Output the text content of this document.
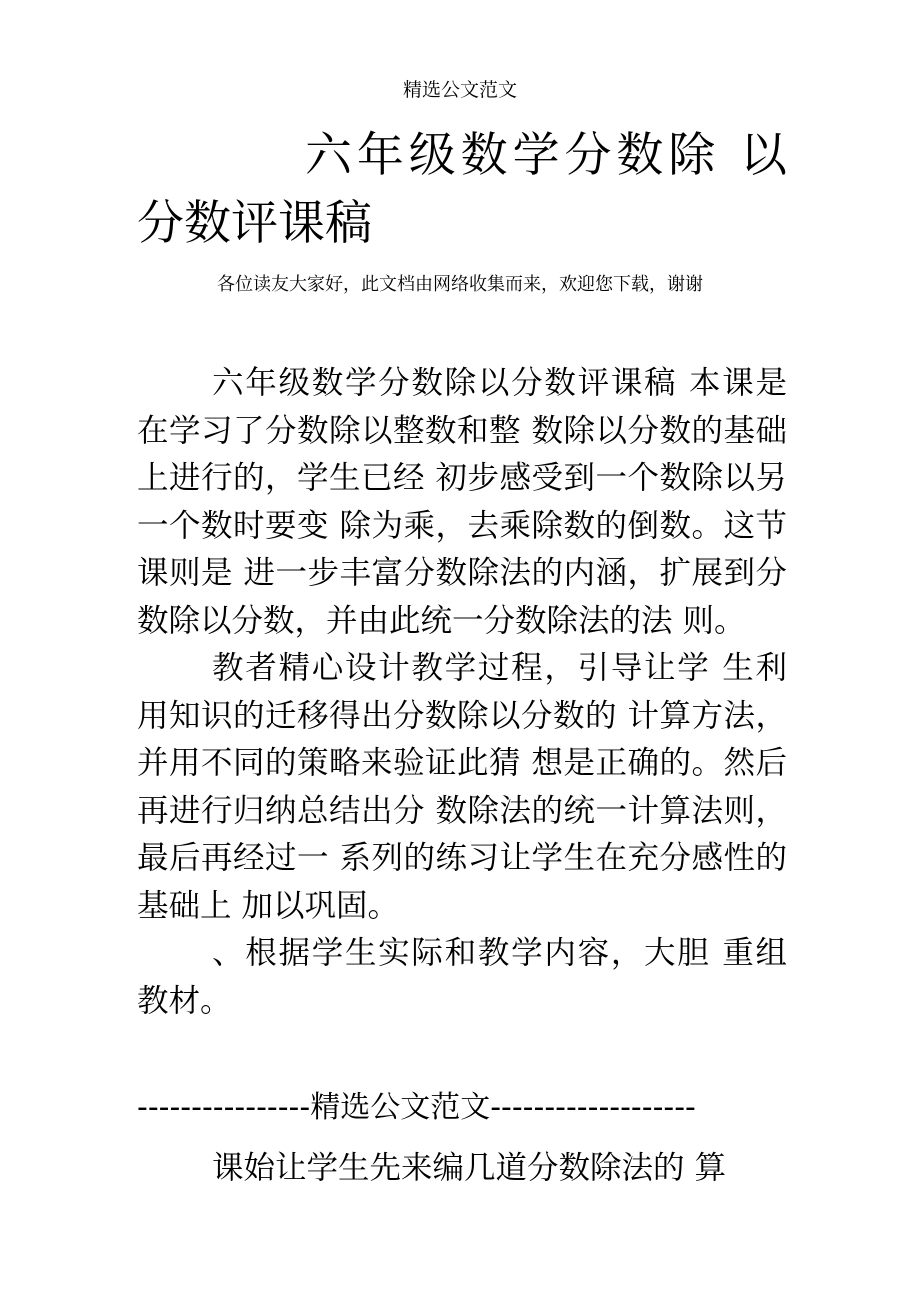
精选公文范文
六年级数学分数除 以分数评课稿
各位读友大家好，此文档由网络收集而来，欢迎您下载，谢谢

六年级数学分数除以分数评课稿 本课是在学习了分数除以整数和整 数除以分数的基础上进行的，学生已经 初步感受到一个数除以另一个数时要变 除为乘，去乘除数的倒数。这节课则是 进一步丰富分数除法的内涵，扩展到分 数除以分数，并由此统一分数除法的法 则。

教者精心设计教学过程，引导让学 生利用知识的迁移得出分数除以分数的 计算方法，并用不同的策略来验证此猜 想是正确的。然后再进行归纳总结出分 数除法的统一计算法则，最后再经过一 系列的练习让学生在充分感性的基础上 加以巩固。

、根据学生实际和教学内容，大胆 重组教材。

----------------精选公文范文-------------------

课始让学生先来编几道分数除法的 算
